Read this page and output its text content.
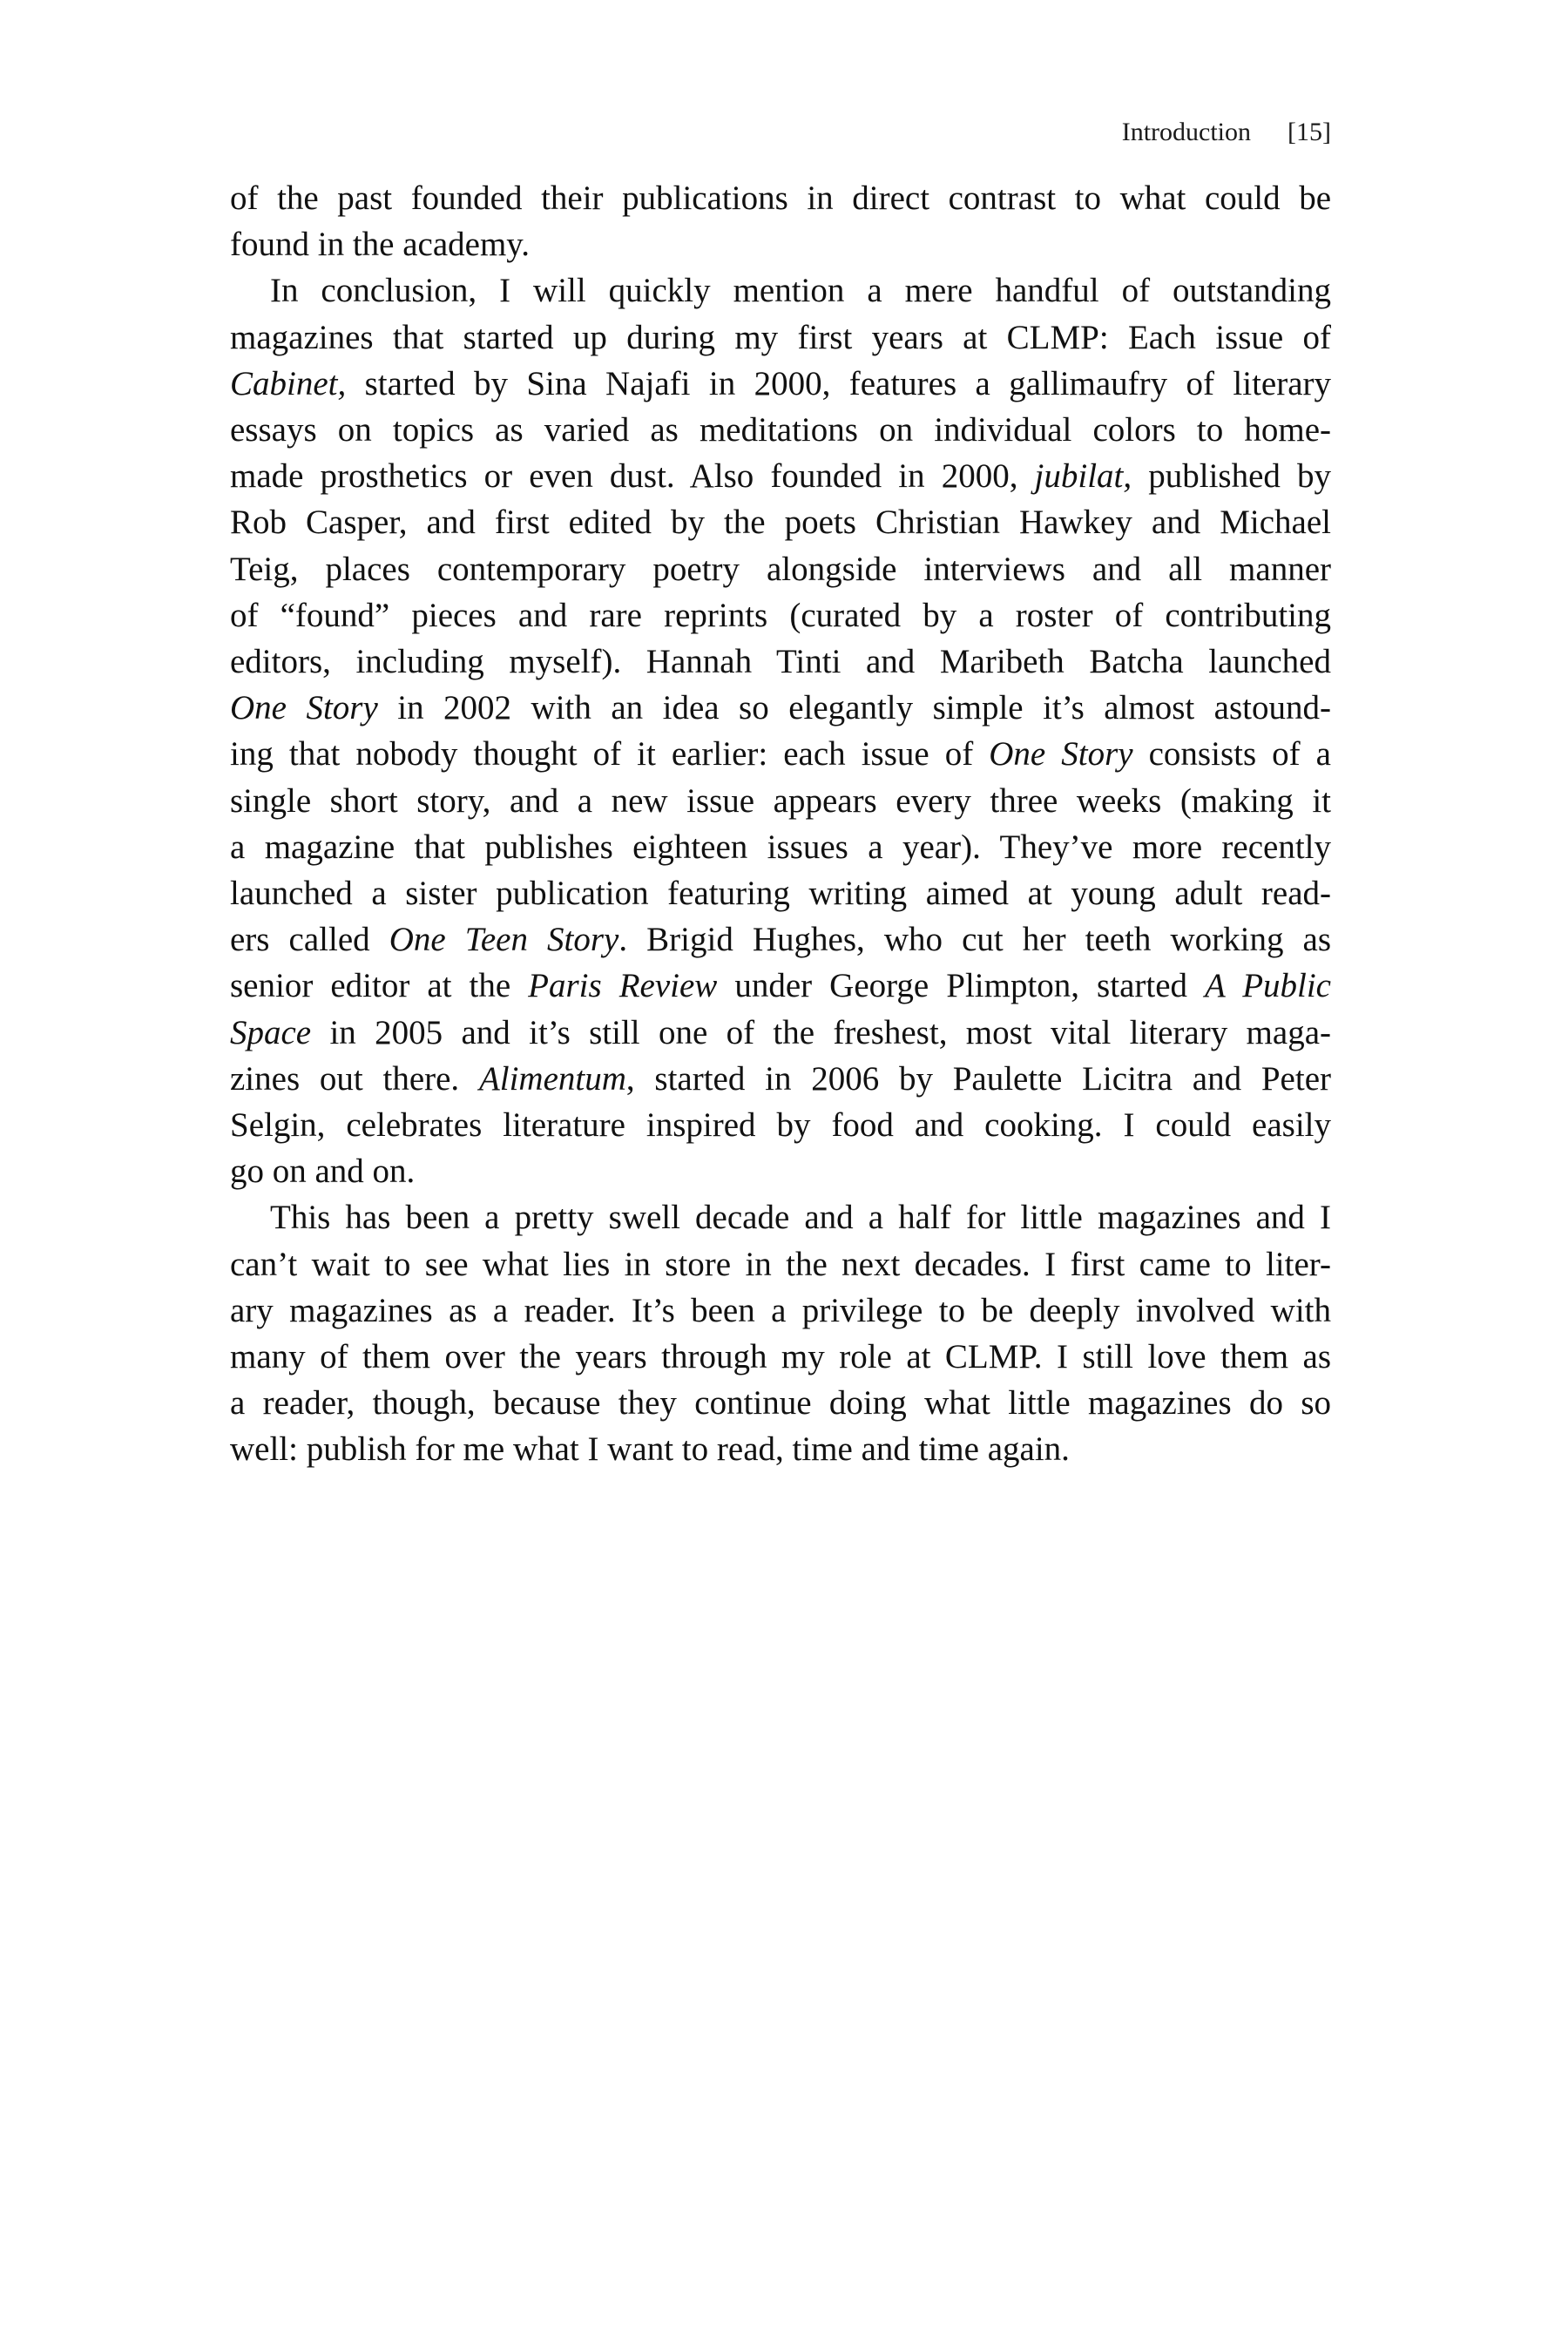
Introduction [15]
of the past founded their publications in direct contrast to what could be
found in the academy.
In conclusion, I will quickly mention a mere handful of outstanding
magazines that started up during my first years at CLMP: Each issue of
Cabinet, started by Sina Najafi in 2000, features a gallimaufry of literary
essays on topics as varied as meditations on individual colors to home-
made prosthetics or even dust. Also founded in 2000, jubilat, published by
Rob Casper, and first edited by the poets Christian Hawkey and Michael
Teig, places contemporary poetry alongside interviews and all manner
of “found” pieces and rare reprints (curated by a roster of contributing
editors, including myself). Hannah Tinti and Maribeth Batcha launched
One Story in 2002 with an idea so elegantly simple it’s almost astound-
ing that nobody thought of it earlier: each issue of One Story consists of a
single short story, and a new issue appears every three weeks (making it
a magazine that publishes eighteen issues a year). They’ve more recently
launched a sister publication featuring writing aimed at young adult read-
ers called One Teen Story. Brigid Hughes, who cut her teeth working as
senior editor at the Paris Review under George Plimpton, started A Public
Space in 2005 and it’s still one of the freshest, most vital literary maga-
zines out there. Alimentum, started in 2006 by Paulette Licitra and Peter
Selgin, celebrates literature inspired by food and cooking. I could easily
go on and on.
This has been a pretty swell decade and a half for little magazines and I
can’t wait to see what lies in store in the next decades. I first came to liter-
ary magazines as a reader. It’s been a privilege to be deeply involved with
many of them over the years through my role at CLMP. I still love them as
a reader, though, because they continue doing what little magazines do so
well: publish for me what I want to read, time and time again.
